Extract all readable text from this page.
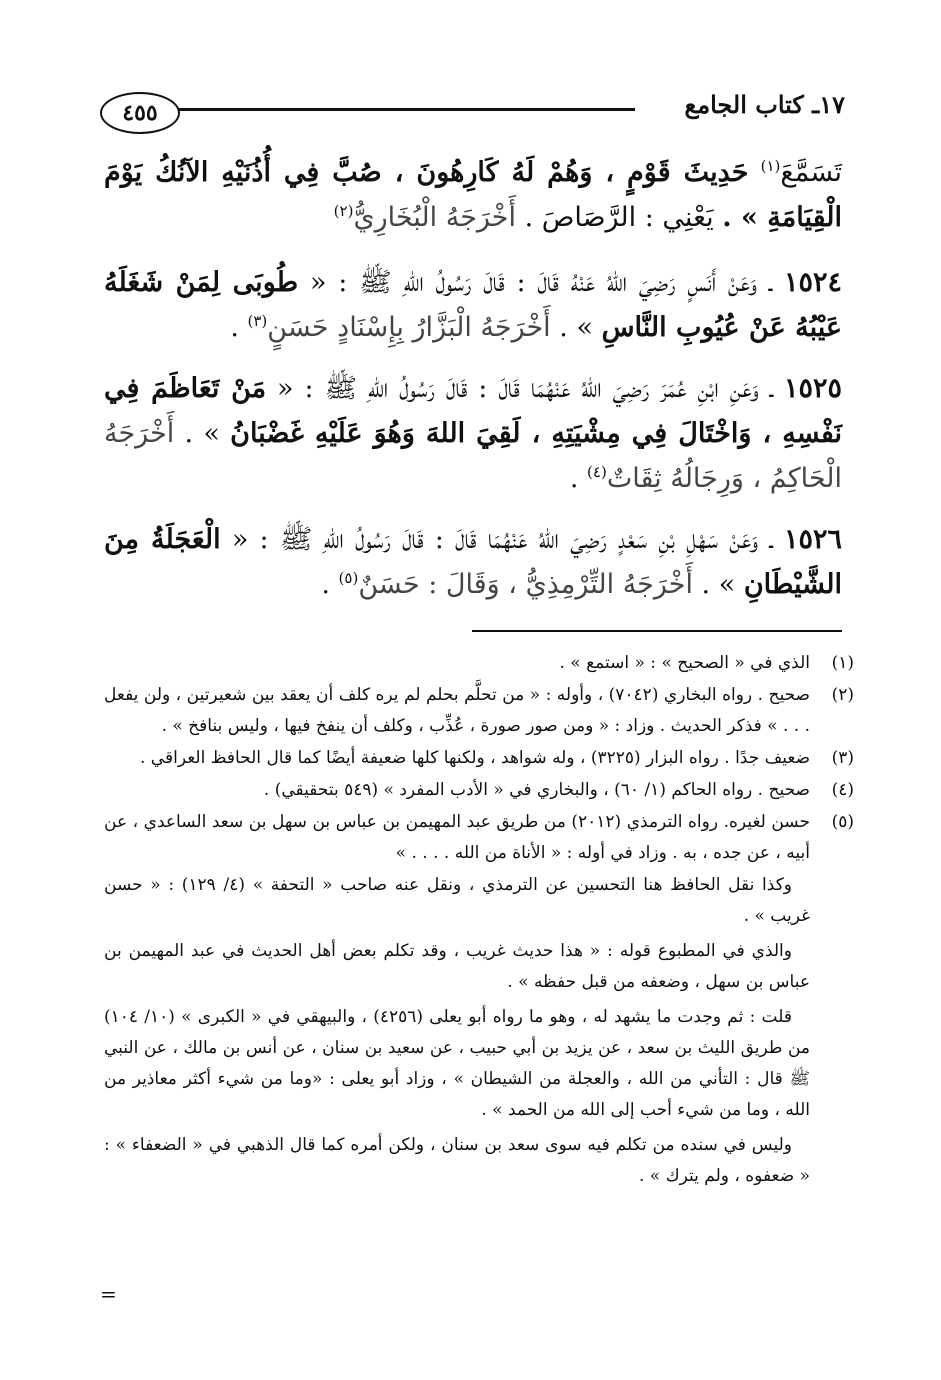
٤٥٥	١٧ـ كتاب الجامع

تَسَمَّعَ$^{(١)}$ حَدِيثَ قَوْمٍ ، وَهُمْ لَهُ كَارِهُونَ ، صُبَّ فِي أُذُنَيْهِ الآنُكُ يَوْمَ الْقِيَامَةِ » . يَعْنِي : الرَّصَاصَ . أَخْرَجَهُ الْبُخَارِيُّ$^{(٢)}$

١٥٢٤ ـ وَعَنْ أَنَسٍ رَضِيَ اللهُ عَنْهُ قَالَ : قَالَ رَسُولُ اللهِ ﷺ : « طُوبَى لِمَنْ شَغَلَهُ عَيْبُهُ عَنْ عُيُوبِ النَّاسِ » . أَخْرَجَهُ الْبَزَّارُ بِإِسْنَادٍ حَسَنٍ$^{(٣)}$ .

١٥٢٥ ـ وَعَنِ ابْنِ عُمَرَ رَضِيَ اللهُ عَنْهُمَا قَالَ : قَالَ رَسُولُ اللهِ ﷺ : « مَنْ تَعَاظَمَ فِي نَفْسِهِ ، وَاخْتَالَ فِي مِشْيَتِهِ ، لَقِيَ اللهَ وَهُوَ عَلَيْهِ غَضْبَانُ » . أَخْرَجَهُ الْحَاكِمُ ، وَرِجَالُهُ ثِقَاتٌ$^{(٤)}$ .

١٥٢٦ ـ وَعَنْ سَهْلِ بْنِ سَعْدٍ رَضِيَ اللهُ عَنْهُمَا قَالَ : قَالَ رَسُولُ اللهِ ﷺ : « الْعَجَلَةُ مِنَ الشَّيْطَانِ » . أَخْرَجَهُ التِّرْمِذِيُّ ، وَقَالَ : حَسَنٌ$^{(٥)}$ .

(١)
الذي في « الصحيح » : « استمع » .
(٢)
صحيح . رواه البخاري (٧٠٤٢) ، وأوله : « من تحلَّم بحلم لم يره كلف أن يعقد بين شعيرتين ، ولن يفعل . . . » فذكر الحديث . وزاد : « ومن صور صورة ، عُذِّب ، وكلف أن ينفخ فيها ، وليس بنافخ » .
(٣)
ضعيف جدًا . رواه البزار (٣٢٢٥) ، وله شواهد ، ولكنها كلها ضعيفة أيضًا كما قال الحافظ العراقي .
(٤)
صحيح . رواه الحاكم (١/ ٦٠) ، والبخاري في « الأدب المفرد » (٥٤٩ بتحقيقي) .
(٥)
حسن لغيره. رواه الترمذي (٢٠١٢) من طريق عبد المهيمن بن عباس بن سهل بن سعد الساعدي ، عن أبيه ، عن جده ، به . وزاد في أوله : « الأناة من الله . . . . »
وكذا نقل الحافظ هنا التحسين عن الترمذي ، ونقل عنه صاحب « التحفة » (٤/ ١٢٩) : « حسن غريب » .
والذي في المطبوع قوله : « هذا حديث غريب ، وقد تكلم بعض أهل الحديث في عبد المهيمن بن عباس بن سهل ، وضعفه من قبل حفظه » .
قلت : ثم وجدت ما يشهد له ، وهو ما رواه أبو يعلى (٤٢٥٦) ، والبيهقي في « الكبرى » (١٠/ ١٠٤) من طريق الليث بن سعد ، عن يزيد بن أبي حبيب ، عن سعيد بن سنان ، عن أنس بن مالك ، عن النبي ﷺ قال : التأني من الله ، والعجلة من الشيطان » ، وزاد أبو يعلى : «وما من شيء أكثر معاذير من الله ، وما من شيء أحب إلى الله من الحمد » .
وليس في سنده من تكلم فيه سوى سعد بن سنان ، ولكن أمره كما قال الذهبي في « الضعفاء » : « ضعفوه ، ولم يترك » .
=
